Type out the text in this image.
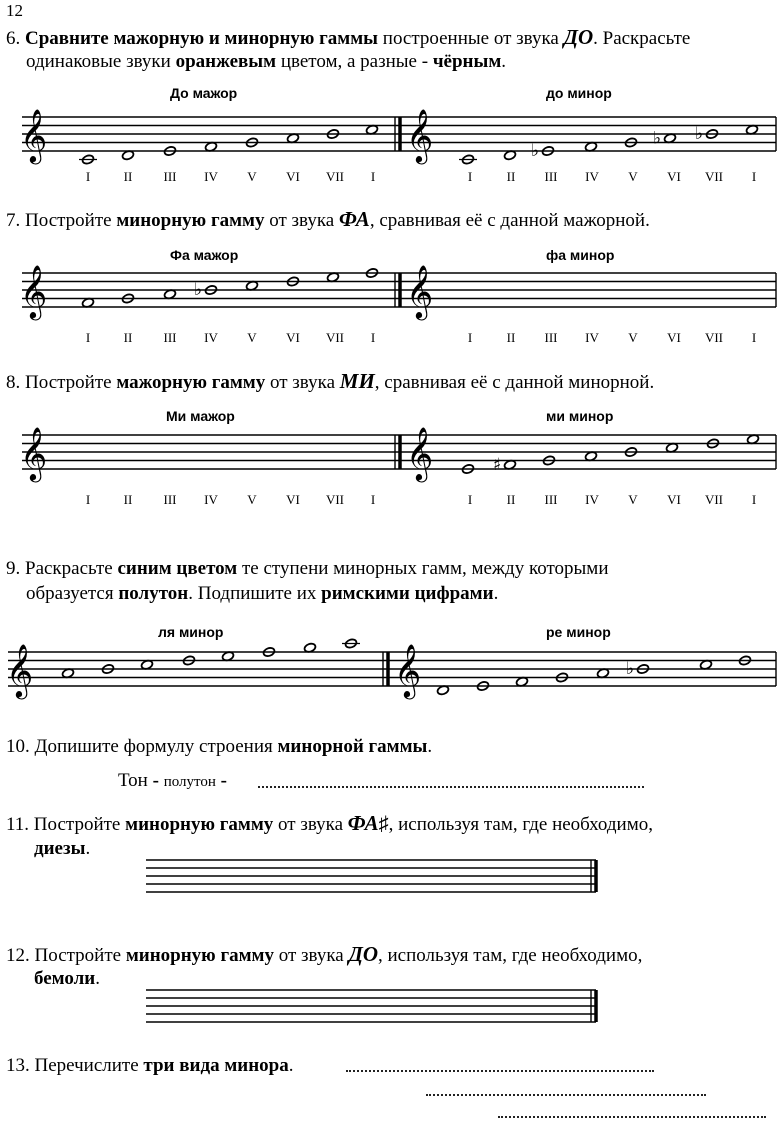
12
6. Сравните мажорную и минорную гаммы построенные от звука ДО. Раскрасьте
одинаковые звуки оранжевым цветом, а разные - чёрным.
До мажор	до минор
𝄞	𝄞	♭
♭ ♭
I	II	III	IV	V	VI	VII	I	I	II	III	IV	V	VI	VII	I
7. Постройте минорную гамму от звука ФА, сравнивая её с данной мажорной.
Фа мажор	фа минор
𝄞	𝄞
♭
I	II	III	IV	V	VI	VII	I	I	II	III	IV	V	VI	VII	I
8. Постройте мажорную гамму от звука МИ, сравнивая её с данной минорной.
Ми мажор	ми минор
𝄞	𝄞	♯
I	II	III	IV	V	VI	VII	I	I	II	III	IV	V	VI	VII	I
9. Раскрасьте синим цветом те ступени минорных гамм, между которыми
образуется полутон. Подпишите их римскими цифрами.
ля минор	ре минор
𝄞	𝄞	♭
10. Допишите формулу строения минорной гаммы.
Тон - полутон -
11. Постройте минорную гамму от звука ФА♯, используя там, где необходимо,
диезы.
12. Постройте минорную гамму от звука ДО, используя там, где необходимо,
бемоли.
13. Перечислите три вида минора.
